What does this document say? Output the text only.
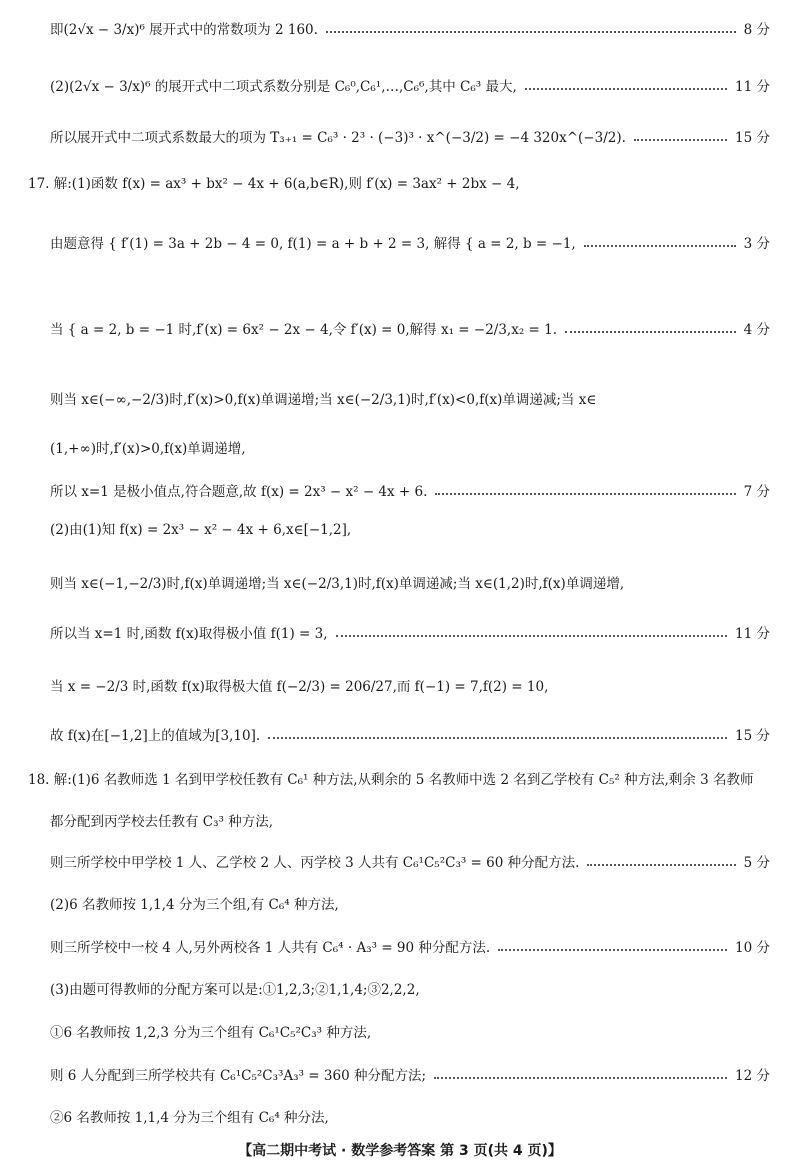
即(2√x − 3/x)⁶ 展开式中的常数项为 2 160.	8 分
(2)(2√x − 3/x)⁶ 的展开式中二项式系数分别是 C₆⁰,C₆¹,…,C₆⁶,其中 C₆³ 最大,	11 分
所以展开式中二项式系数最大的项为 T₃₊₁ = C₆³ · 2³ · (−3)³ · x^(−3/2) = −4 320x^(−3/2).	15 分
17. 解:(1)函数 f(x) = ax³ + bx² − 4x + 6(a,b∈R),则 f′(x) = 3ax² + 2bx − 4,
由题意得 { f′(1) = 3a + 2b − 4 = 0, f(1) = a + b + 2 = 3, 解得 { a = 2, b = −1,	3 分
当 { a = 2, b = −1 时,f′(x) = 6x² − 2x − 4,令 f′(x) = 0,解得 x₁ = −2/3,x₂ = 1.	4 分
则当 x∈(−∞,−2/3)时,f′(x)>0,f(x)单调递增;当 x∈(−2/3,1)时,f′(x)<0,f(x)单调递减;当 x∈
(1,+∞)时,f′(x)>0,f(x)单调递增,
所以 x=1 是极小值点,符合题意,故 f(x) = 2x³ − x² − 4x + 6.	7 分
(2)由(1)知 f(x) = 2x³ − x² − 4x + 6,x∈[−1,2],
则当 x∈(−1,−2/3)时,f(x)单调递增;当 x∈(−2/3,1)时,f(x)单调递减;当 x∈(1,2)时,f(x)单调递增,
所以当 x=1 时,函数 f(x)取得极小值 f(1) = 3,	11 分
当 x = −2/3 时,函数 f(x)取得极大值 f(−2/3) = 206/27,而 f(−1) = 7,f(2) = 10,
故 f(x)在[−1,2]上的值域为[3,10].	15 分
18. 解:(1)6 名教师选 1 名到甲学校任教有 C₆¹ 种方法,从剩余的 5 名教师中选 2 名到乙学校有 C₅² 种方法,剩余 3 名教师
都分配到丙学校去任教有 C₃³ 种方法,
则三所学校中甲学校 1 人、乙学校 2 人、丙学校 3 人共有 C₆¹C₅²C₃³ = 60 种分配方法.	5 分
(2)6 名教师按 1,1,4 分为三个组,有 C₆⁴ 种方法,
则三所学校中一校 4 人,另外两校各 1 人共有 C₆⁴ · A₃³ = 90 种分配方法.	10 分
(3)由题可得教师的分配方案可以是:①1,2,3;②1,1,4;③2,2,2,
①6 名教师按 1,2,3 分为三个组有 C₆¹C₅²C₃³ 种方法,
则 6 人分配到三所学校共有 C₆¹C₅²C₃³A₃³ = 360 种分配方法;	12 分
②6 名教师按 1,1,4 分为三个组有 C₆⁴ 种分法,
【高二期中考试 · 数学参考答案 第 3 页(共 4 页)】
